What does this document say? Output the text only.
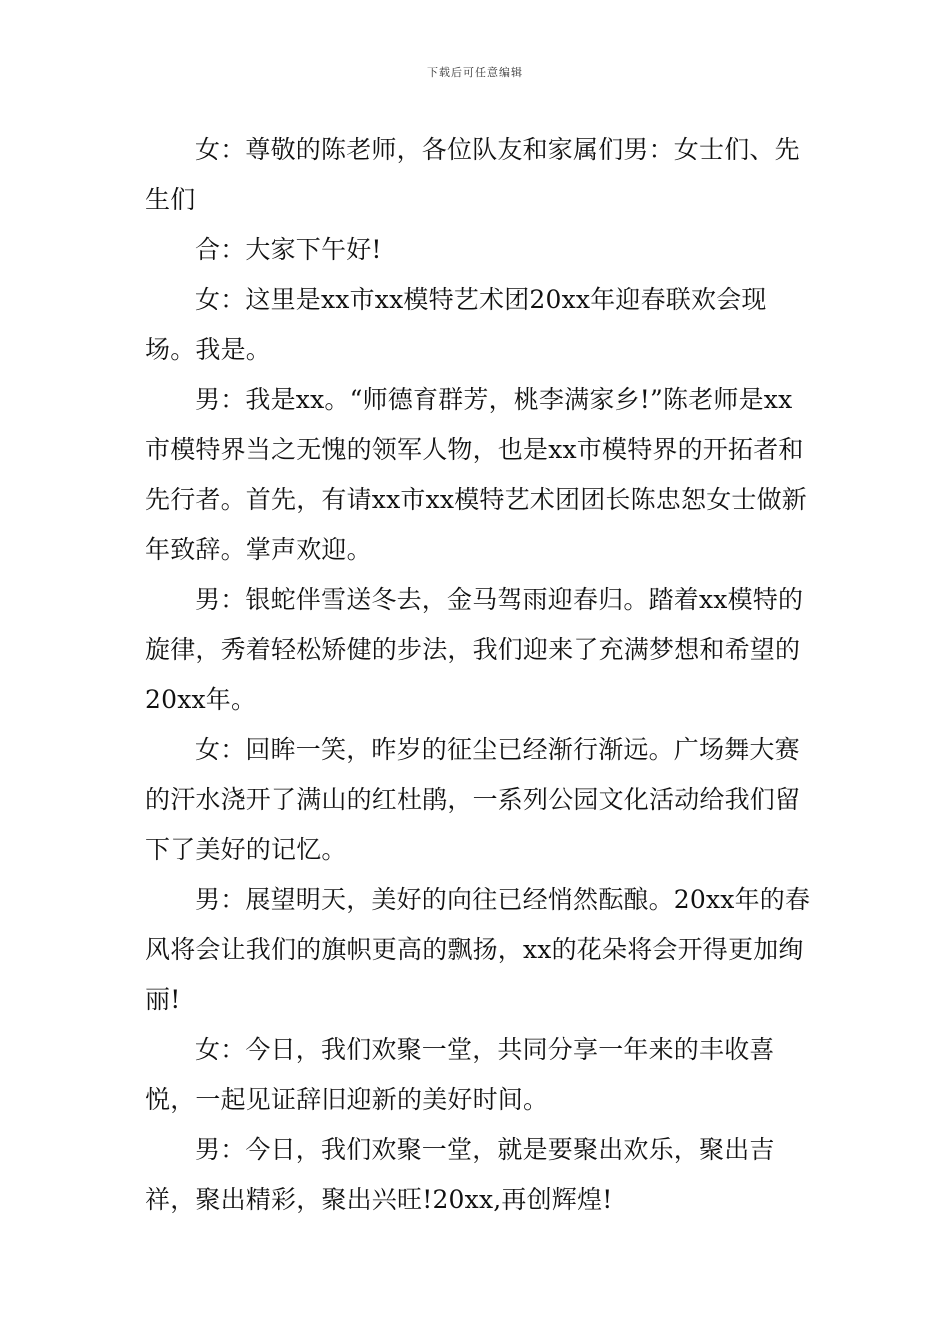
下载后可任意编辑

女：尊敬的陈老师，各位队友和家属们男：女士们、先生们

合：大家下午好!

女：这里是xx市xx模特艺术团20xx年迎春联欢会现场。我是。

男：我是xx。“师德育群芳，桃李满家乡!”陈老师是xx市模特界当之无愧的领军人物，也是xx市模特界的开拓者和先行者。首先，有请xx市xx模特艺术团团长陈忠恕女士做新年致辞。掌声欢迎。

男：银蛇伴雪送冬去，金马驾雨迎春归。踏着xx模特的旋律，秀着轻松矫健的步法，我们迎来了充满梦想和希望的20xx年。

女：回眸一笑，昨岁的征尘已经渐行渐远。广场舞大赛的汗水浇开了满山的红杜鹃，一系列公园文化活动给我们留下了美好的记忆。

男：展望明天，美好的向往已经悄然酝酿。20xx年的春风将会让我们的旗帜更高的飘扬，xx的花朵将会开得更加绚丽!

女：今日，我们欢聚一堂，共同分享一年来的丰收喜悦，一起见证辞旧迎新的美好时间。

男：今日，我们欢聚一堂，就是要聚出欢乐，聚出吉祥，聚出精彩，聚出兴旺!20xx,再创辉煌!
